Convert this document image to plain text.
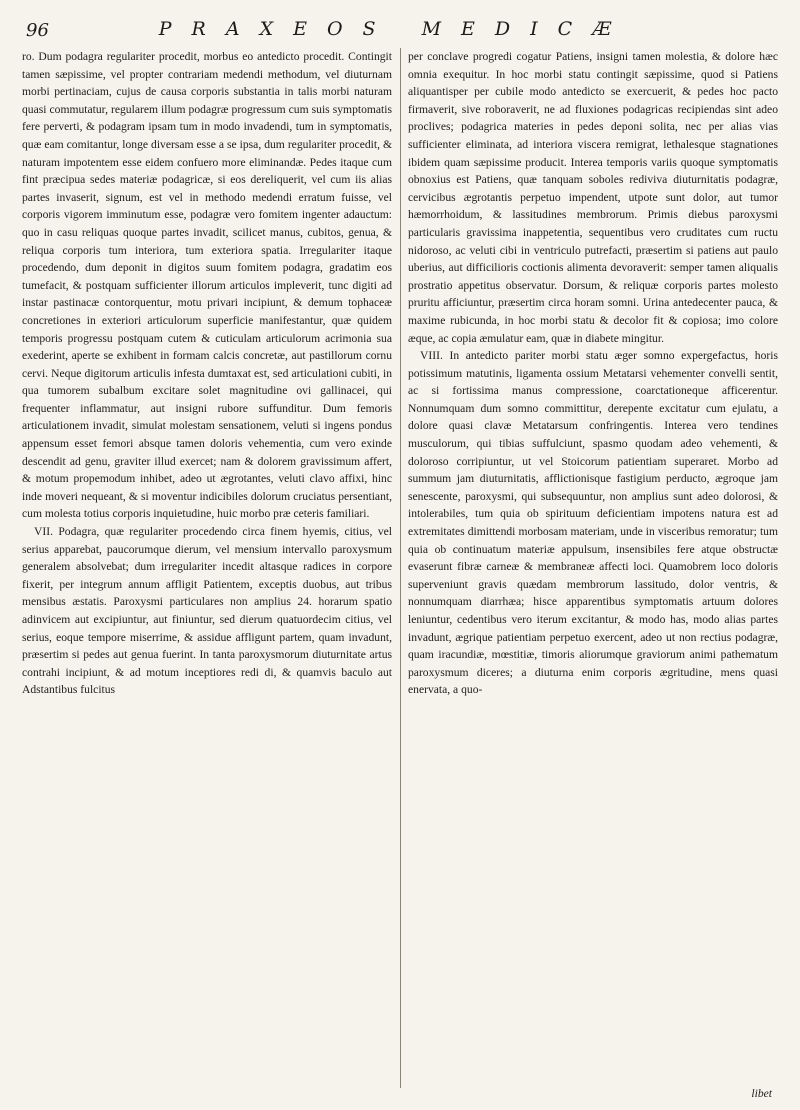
96	PRAXEOS MEDICÆ

ro. Dum podagra regulariter procedit, morbus eo antedicto procedit. Contingit tamen sæpissime, vel propter contrariam medendi methodum, vel diuturnam morbi pertinaciam, cujus de causa corporis substantia in talis morbi naturam quasi commutatur, regularem illum podagræ progressum cum suis symptomatis fere perverti, & podagram ipsam tum in modo invadendi, tum in symptomatis, quæ eam comitantur, longe diversam esse a se ipsa, dum regulariter procedit, & naturam impotentem esse eidem confuero more eliminandæ. Pedes itaque cum fint præcipua sedes materiæ podagricæ, si eos dereliquerit, vel cum iis alias partes invaserit, signum, est vel in methodo medendi erratum fuisse, vel corporis vigorem imminutum esse, podagræ vero fomitem ingenter adauctum: quo in casu reliquas quoque partes invadit, scilicet manus, cubitos, genua, & reliqua corporis tum interiora, tum exteriora spatia. Irregulariter itaque procedendo, dum deponit in digitos suum fomitem podagra, gradatim eos tumefacit, & postquam sufficienter illorum articulos impleverit, tunc digiti ad instar pastinacæ contorquentur, motu privari incipiunt, & demum tophaceæ concretiones in exteriori articulorum superficie manifestantur, quæ quidem temporis progressu postquam cutem & cuticulam articulorum acrimonia sua exederint, aperte se exhibent in formam calcis concretæ, aut pastillorum cornu cervi. Neque digitorum articulis infesta dumtaxat est, sed articulationi cubiti, in qua tumorem subalbum excitare solet magnitudine ovi gallinacei, qui frequenter inflammatur, aut insigni rubore suffunditur. Dum femoris articulationem invadit, simulat molestam sensationem, veluti si ingens pondus appensum esset femori absque tamen doloris vehementia, cum vero exinde descendit ad genu, graviter illud exercet; nam & dolorem gravissimum affert, & motum propemodum inhibet, adeo ut ægrotantes, veluti clavo affixi, hinc inde moveri nequeant, & si moventur indicibiles dolorum cruciatus persentiant, cum molesta totius corporis inquietudine, huic morbo præ ceteris familiari.

VII. Podagra, quæ regulariter procedendo circa finem hyemis, citius, vel serius apparebat, paucorumque dierum, vel mensium intervallo paroxysmum generalem absolvebat; dum irregulariter incedit altasque radices in corpore fixerit, per integrum annum affligit Patientem, exceptis duobus, aut tribus mensibus æstatis. Paroxysmi particulares non amplius 24. horarum spatio adinvicem aut excipiuntur, aut finiuntur, sed dierum quatuordecim citius, vel serius, eoque tempore miserrime, & assidue affligunt partem, quam invadunt, præsertim si pedes aut genua fuerint. In tanta paroxysmorum diuturnitate artus contrahi incipiunt, & ad motum inceptiores redi di, & quamvis baculo aut Adstantibus fulcitus

per conclave progredi cogatur Patiens, insigni tamen molestia, & dolore hæc omnia exequitur. In hoc morbi statu contingit sæpissime, quod si Patiens aliquantisper per cubile modo antedicto se exercuerit, & pedes hoc pacto firmaverit, sive roboraverit, ne ad fluxiones podagricas recipiendas sint adeo proclives; podagrica materies in pedes deponi solita, nec per alias vias sufficienter eliminata, ad interiora viscera remigrat, lethalesque stagnationes ibidem quam sæpissime producit. Interea temporis variis quoque symptomatis obnoxius est Patiens, quæ tanquam soboles rediviva diuturnitatis podagræ, cervicibus ægrotantis perpetuo impendent, utpote sunt dolor, aut tumor hæmorrhoidum, & lassitudines membrorum. Primis diebus paroxysmi particularis gravissima inappetentia, sequentibus vero cruditates cum ructu nidoroso, ac veluti cibi in ventriculo putrefacti, præsertim si patiens aut paulo uberius, aut difficilioris coctionis alimenta devoraverit: semper tamen aliqualis prostratio appetitus observatur. Dorsum, & reliquæ corporis partes molesto pruritu afficiuntur, præsertim circa horam somni. Urina antedecenter pauca, & maxime rubicunda, in hoc morbi statu & decolor fit & copiosa; imo colore æque, ac copia æmulatur eam, quæ in diabete mingitur.

VIII. In antedicto pariter morbi statu æger somno expergefactus, horis potissimum matutinis, ligamenta ossium Metatarsi vehementer convelli sentit, ac si fortissima manus compressione, coarctationeque afficerentur. Nonnumquam dum somno committitur, derepente excitatur cum ejulatu, a dolore quasi clavæ Metatarsum confringentis. Interea vero tendines musculorum, qui tibias suffulciunt, spasmo quodam adeo vehementi, & doloroso corripiuntur, ut vel Stoicorum patientiam superaret. Morbo ad summum jam diuturnitatis, afflictionisque fastigium perducto, ægroque jam senescente, paroxysmi, qui subsequuntur, non amplius sunt adeo dolorosi, & intolerabiles, tum quia ob spirituum deficientiam impotens natura est ad extremitates dimittendi morbosam materiam, unde in visceribus remoratur; tum quia ob continuatum materiæ appulsum, insensibiles fere atque obstructæ evaserunt fibræ carneæ & membraneæ affecti loci. Quamobrem loco doloris superveniunt gravis quædam membrorum lassitudo, dolor ventris, & nonnumquam diarrhæa; hisce apparentibus symptomatis artuum dolores leniuntur, cedentibus vero iterum excitantur, & modo has, modo alias partes invadunt, ægrique patientiam perpetuo exercent, adeo ut non rectius podagræ, quam iracundiæ, mœstitiæ, timoris aliorumque graviorum animi pathematum paroxysmum diceres; a diuturna enim corporis ægritudine, mens quasi enervata, a quo-

libet
